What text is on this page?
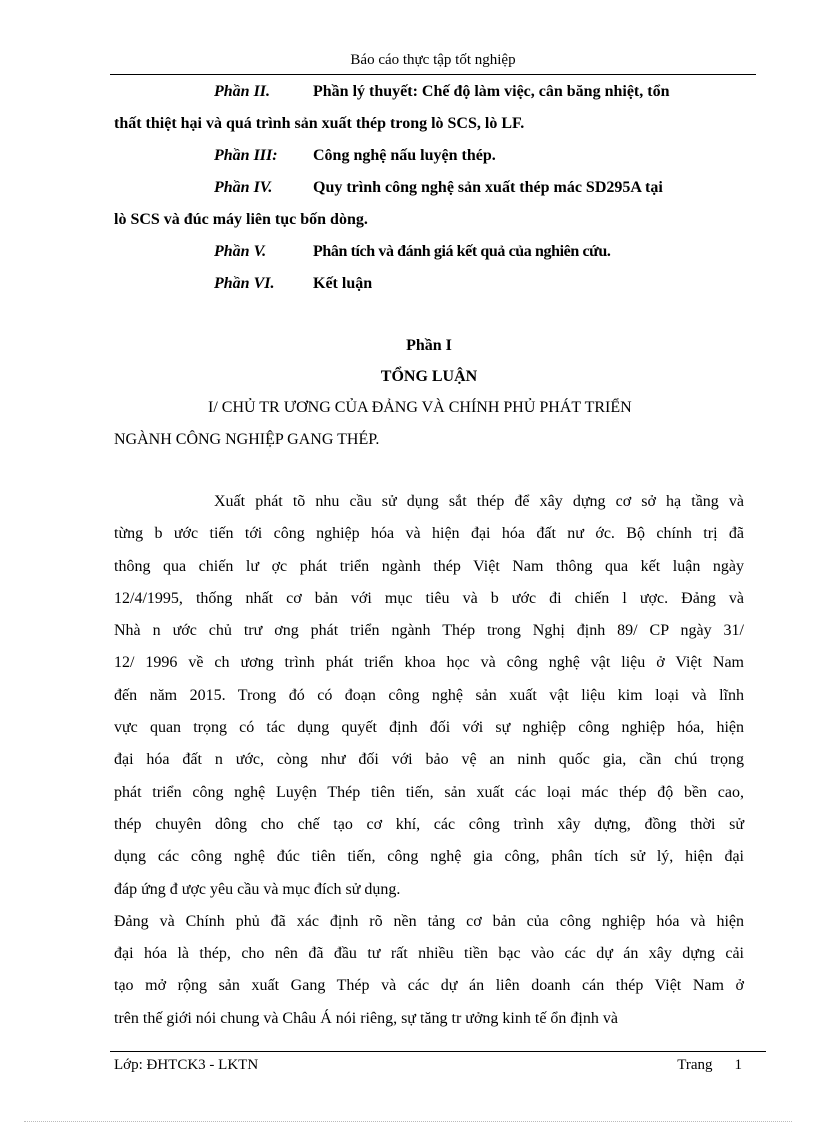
Báo cáo thực tập tốt nghiệp
Phần II.	Phần lý thuyết: Chế độ làm việc, cân băng nhiệt, tổn
thất thiệt hại và quá trình sản xuất thép trong lò SCS, lò LF.
Phần III: Công nghệ nấu luyện thép.
Phần IV.	Quy trình công nghệ sản xuất thép mác SD295A tại
lò SCS và đúc máy liên tục bốn dòng.
Phần V.	Phân tích và đánh giá kết quả của nghiên cứu.
Phần VI. Kết luận
Phần I
TỔNG LUẬN
I/ CHỦ TR ƯƠNG CỦA ĐẢNG VÀ CHÍNH PHỦ PHÁT TRIỂN
NGÀNH CÔNG NGHIỆP GANG THÉP.
Xuất phát tõ nhu cầu sử dụng sắt thép để xây dựng cơ sở hạ tầng và
từng b ước tiến tới công nghiệp hóa và hiện đại hóa đất nư ớc. Bộ chính trị đã
thông qua chiến lư ợc phát triển ngành thép Việt Nam thông qua kết luận ngày
12/4/1995, thống nhất cơ bản với mục tiêu và b ước đi chiến l ược. Đảng và
Nhà n ước chủ trư ơng phát triển ngành Thép trong Nghị định 89/ CP ngày 31/
12/ 1996 về ch ương trình phát triển khoa học và công nghệ vật liệu ở Việt Nam
đến năm 2015. Trong đó có đoạn công nghệ sản xuất vật liệu kim loại và lĩnh
vực quan trọng có tác dụng quyết định đối với sự nghiệp công nghiệp hóa, hiện
đại hóa đất n ước, còng như đối với bảo vệ an ninh quốc gia, cần chú trọng
phát triển công nghệ Luyện Thép tiên tiến, sản xuất các loại mác thép độ bền cao,
thép chuyên dông cho chế tạo cơ khí, các công trình xây dựng, đồng thời sử
dụng các công nghệ đúc tiên tiến, công nghệ gia công, phân tích sử lý, hiện đại
đáp ứng đ ược yêu cầu và mục đích sử dụng.
Đảng và Chính phủ đã xác định rõ nền tảng cơ bản của công nghiệp hóa và hiện
đại hóa là thép, cho nên đã đầu tư rất nhiều tiền bạc vào các dự án xây dựng cải
tạo mở rộng sản xuất Gang Thép và các dự án liên doanh cán thép Việt Nam ở
trên thế giới nói chung và Châu Á nói riêng, sự tăng tr ưởng kinh tế ổn định và
Lớp: ĐHTCK3 - LKTN	Trang 1
